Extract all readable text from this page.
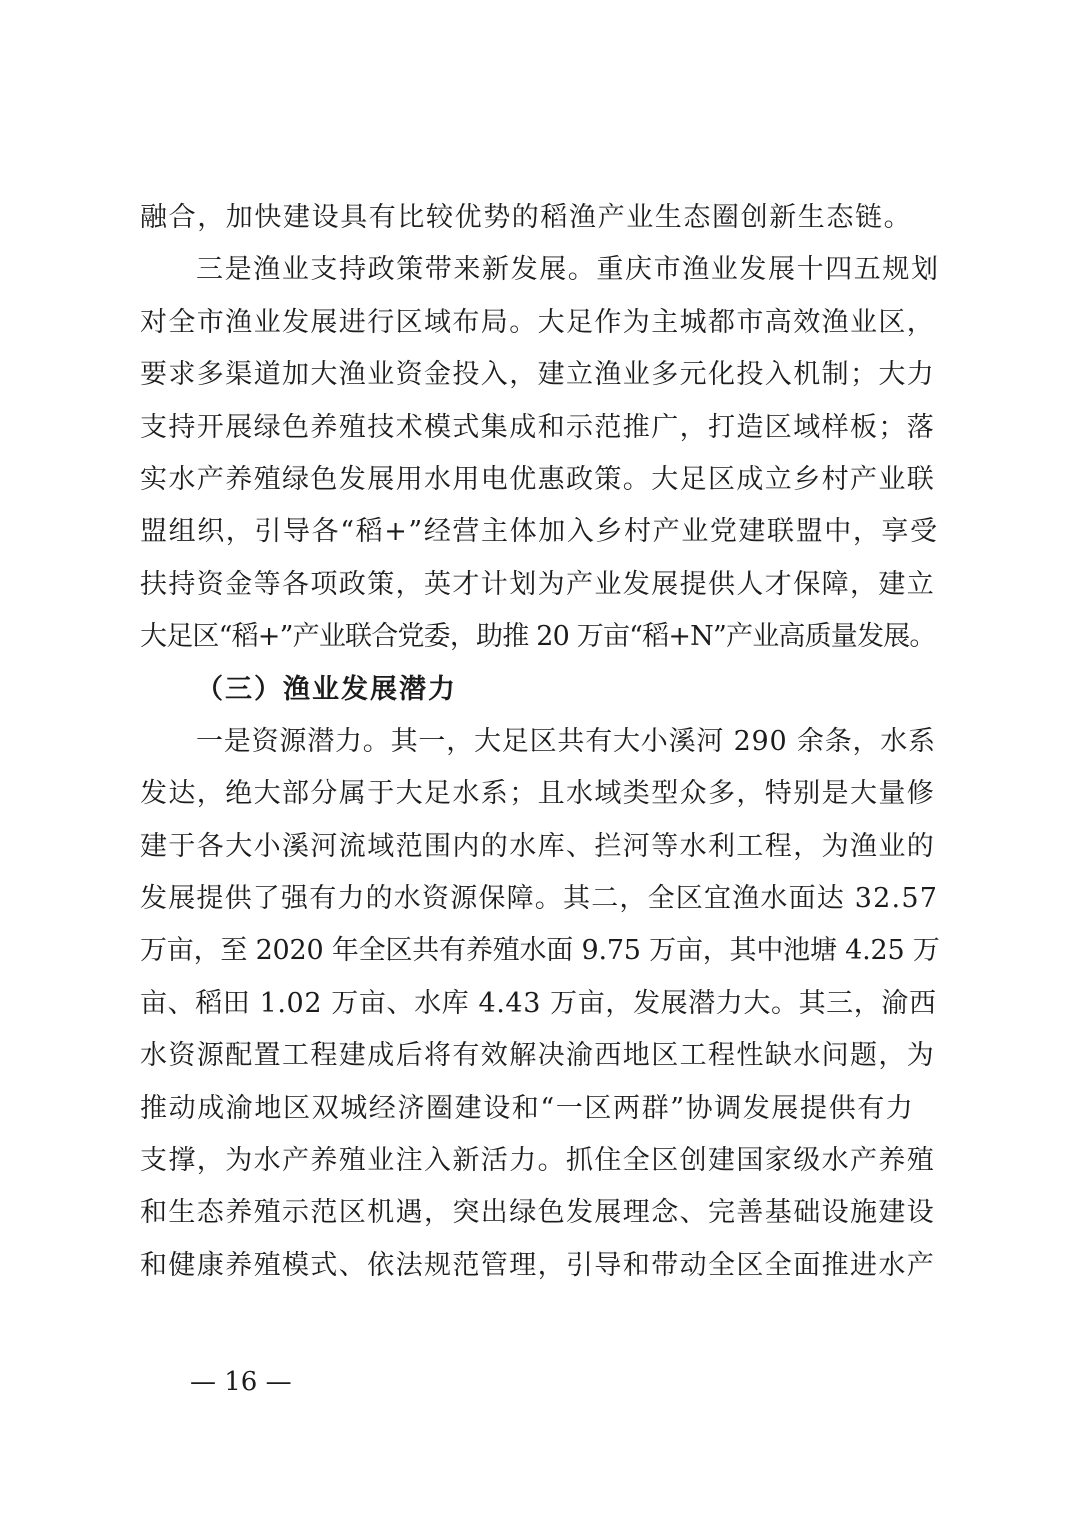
融合，加快建设具有比较优势的稻渔产业生态圈创新生态链。
三是渔业支持政策带来新发展。重庆市渔业发展十四五规划
对全市渔业发展进行区域布局。大足作为主城都市高效渔业区，
要求多渠道加大渔业资金投入，建立渔业多元化投入机制；大力
支持开展绿色养殖技术模式集成和示范推广，打造区域样板；落
实水产养殖绿色发展用水用电优惠政策。大足区成立乡村产业联
盟组织，引导各“稻+”经营主体加入乡村产业党建联盟中，享受
扶持资金等各项政策，英才计划为产业发展提供人才保障，建立
大足区“稻+”产业联合党委，助推 20 万亩“稻+N”产业高质量发展。
（三）渔业发展潜力
一是资源潜力。其一，大足区共有大小溪河 290 余条，水系
发达，绝大部分属于大足水系；且水域类型众多，特别是大量修
建于各大小溪河流域范围内的水库、拦河等水利工程，为渔业的
发展提供了强有力的水资源保障。其二，全区宜渔水面达 32.57
万亩，至 2020 年全区共有养殖水面 9.75 万亩，其中池塘 4.25 万
亩、稻田 1.02 万亩、水库 4.43 万亩，发展潜力大。其三，渝西
水资源配置工程建成后将有效解决渝西地区工程性缺水问题，为
推动成渝地区双城经济圈建设和“一区两群”协调发展提供有力
支撑，为水产养殖业注入新活力。抓住全区创建国家级水产养殖
和生态养殖示范区机遇，突出绿色发展理念、完善基础设施建设
和健康养殖模式、依法规范管理，引导和带动全区全面推进水产
— 16 —
